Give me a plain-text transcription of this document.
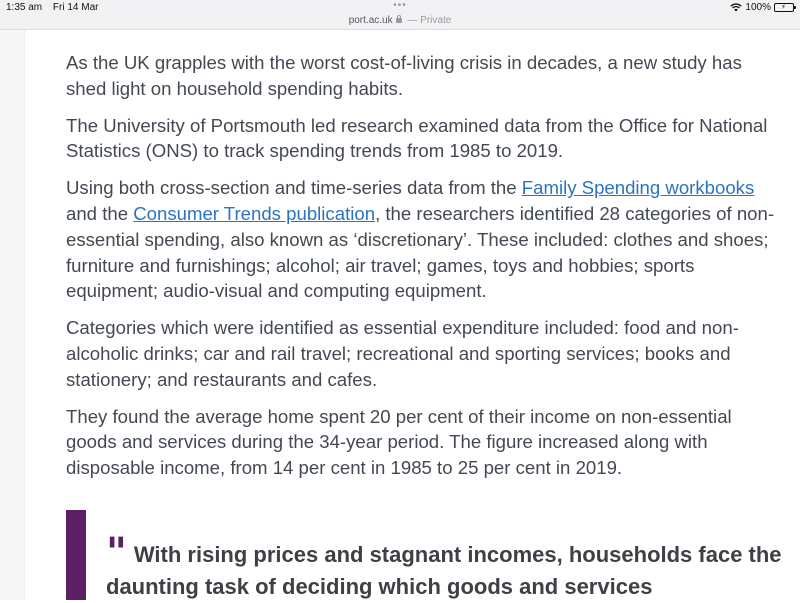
1:35 am Fri 14 Mar	•••
port.ac.uk — Private
100% ⚡

As the UK grapples with the worst cost-of-living crisis in decades, a new study has shed light on household spending habits.

The University of Portsmouth led research examined data from the Office for National Statistics (ONS) to track spending trends from 1985 to 2019.

Using both cross-section and time-series data from the Family Spending workbooks and the Consumer Trends publication, the researchers identified 28 categories of non-essential spending, also known as ‘discretionary’. These included: clothes and shoes; furniture and furnishings; alcohol; air travel; games, toys and hobbies; sports equipment; audio-visual and computing equipment.

Categories which were identified as essential expenditure included: food and non-alcoholic drinks; car and rail travel; recreational and sporting services; books and stationery; and restaurants and cafes.

They found the average home spent 20 per cent of their income on non-essential goods and services during the 34-year period. The figure increased along with disposable income, from 14 per cent in 1985 to 25 per cent in 2019.

" With rising prices and stagnant incomes, households face the daunting task of deciding which goods and services
